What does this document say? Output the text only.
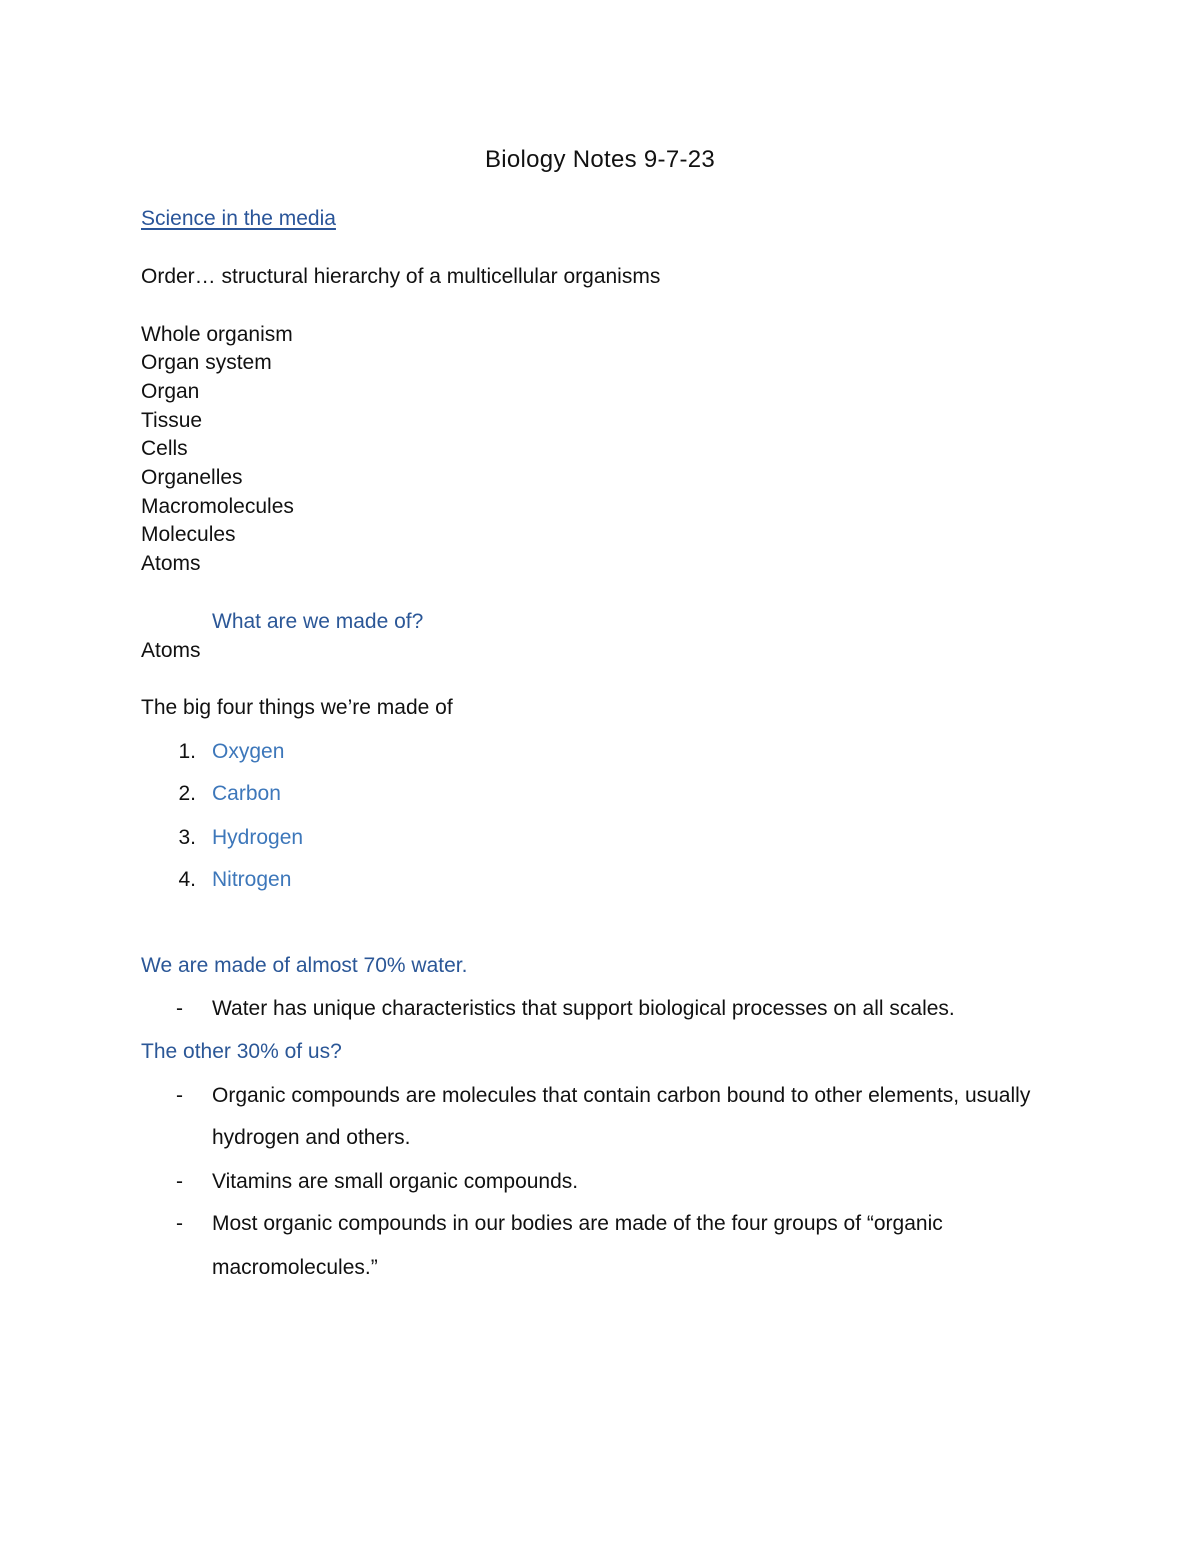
Biology Notes 9-7-23
Science in the media
Order… structural hierarchy of a multicellular organisms
Whole organism
Organ system
Organ
Tissue
Cells
Organelles
Macromolecules
Molecules
Atoms
What are we made of?
Atoms
The big four things we’re made of
1. Oxygen
2. Carbon
3. Hydrogen
4. Nitrogen
We are made of almost 70% water.
-	Water has unique characteristics that support biological processes on all scales.
The other 30% of us?
-	Organic compounds are molecules that contain carbon bound to other elements, usually
hydrogen and others.
-	Vitamins are small organic compounds.
-	Most organic compounds in our bodies are made of the four groups of “organic
macromolecules.”
